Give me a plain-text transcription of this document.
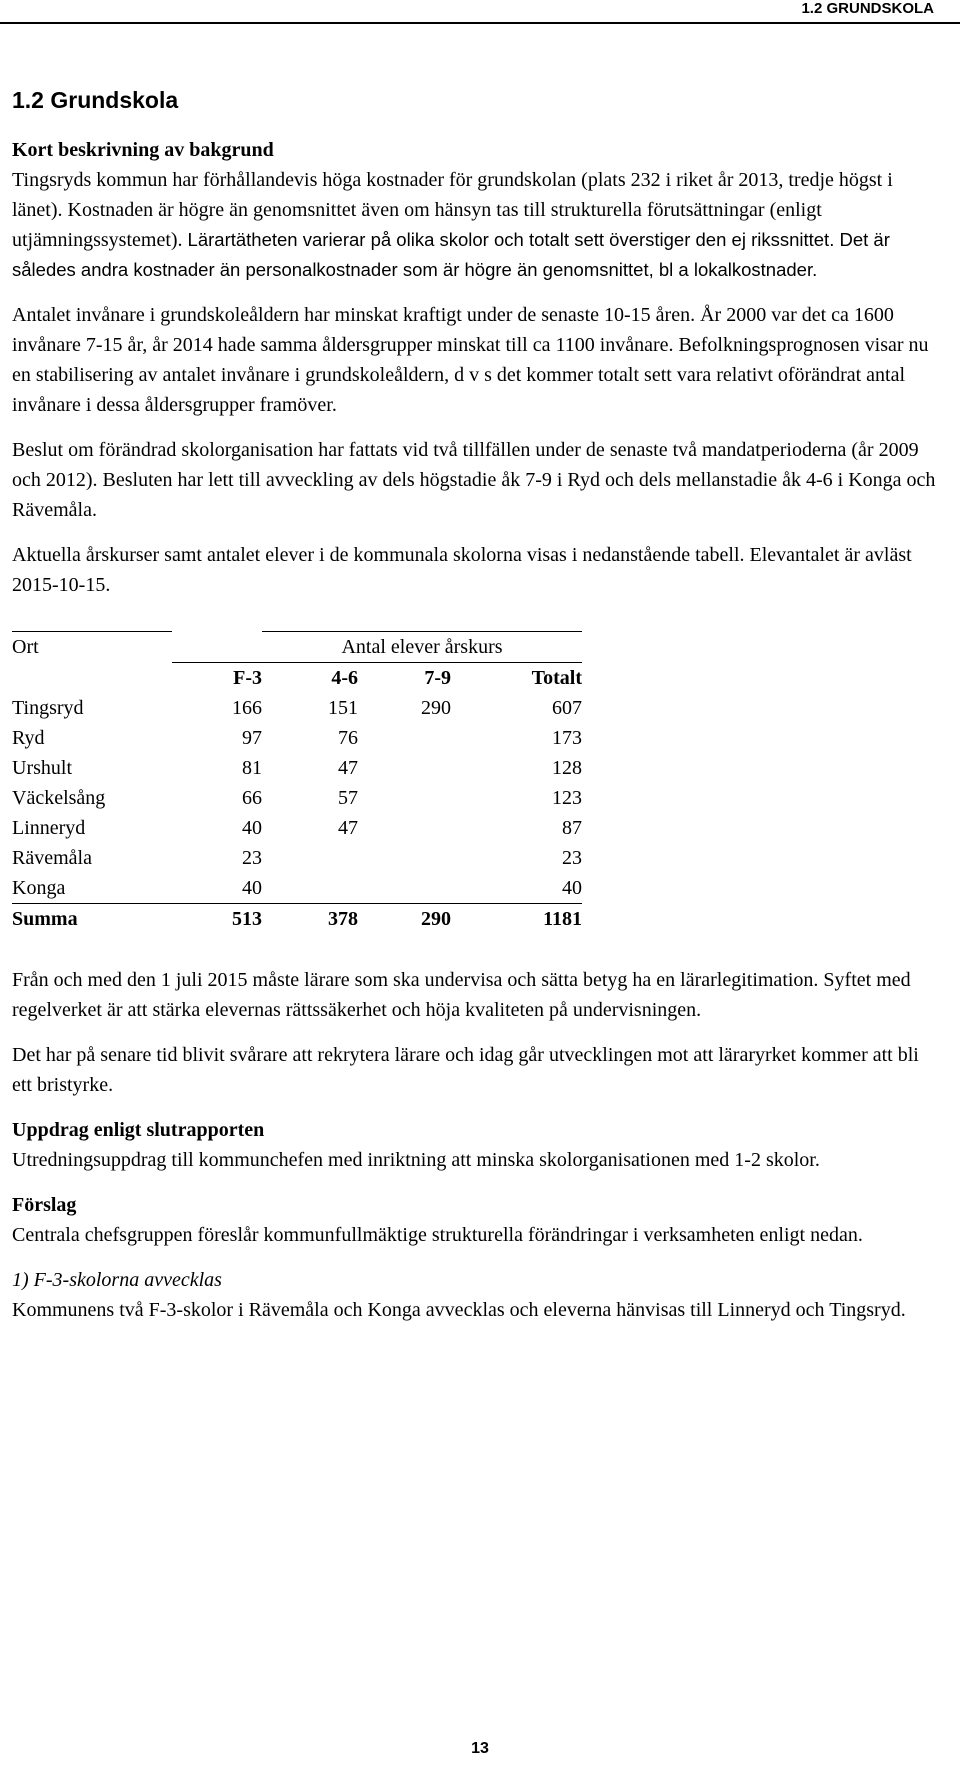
1.2 GRUNDSKOLA
1.2 Grundskola
Kort beskrivning av bakgrund

Tingsryds kommun har förhållandevis höga kostnader för grundskolan (plats 232 i riket år 2013, tredje högst i länet). Kostnaden är högre än genomsnittet även om hänsyn tas till strukturella förutsättningar (enligt utjämningssystemet). Lärartätheten varierar på olika skolor och totalt sett överstiger den ej rikssnittet. Det är således andra kostnader än personalkostnader som är högre än genomsnittet, bl a lokalkostnader.

Antalet invånare i grundskoleåldern har minskat kraftigt under de senaste 10-15 åren. År 2000 var det ca 1600 invånare 7-15 år, år 2014 hade samma åldersgrupper minskat till ca 1100 invånare. Befolkningsprognosen visar nu en stabilisering av antalet invånare i grundskoleåldern, d v s det kommer totalt sett vara relativt oförändrat antal invånare i dessa åldersgrupper framöver.

Beslut om förändrad skolorganisation har fattats vid två tillfällen under de senaste två mandatperioderna (år 2009 och 2012). Besluten har lett till avveckling av dels högstadie åk 7-9 i Ryd och dels mellanstadie åk 4-6 i Konga och Rävemåla.

Aktuella årskurser samt antalet elever i de kommunala skolorna visas i nedanstående tabell. Elevantalet är avläst 2015-10-15.

Ort		Antal elever årskurs		
	F-3	4-6	7-9	Totalt
Tingsryd	166	151	290	607
Ryd	97	76		173
Urshult	81	47		128
Väckelsång	66	57		123
Linneryd	40	47		87
Rävemåla	23			23
Konga	40			40
Summa	513	378	290	1181

Från och med den 1 juli 2015 måste lärare som ska undervisa och sätta betyg ha en lärarlegitimation. Syftet med regelverket är att stärka elevernas rättssäkerhet och höja kvaliteten på undervisningen.

Det har på senare tid blivit svårare att rekrytera lärare och idag går utvecklingen mot att läraryrket kommer att bli ett bristyrke.

Uppdrag enligt slutrapporten

Utredningsuppdrag till kommunchefen med inriktning att minska skolorganisationen med 1-2 skolor.

Förslag

Centrala chefsgruppen föreslår kommunfullmäktige strukturella förändringar i verksamheten enligt nedan.

1) F-3-skolorna avvecklas

Kommunens två F-3-skolor i Rävemåla och Konga avvecklas och eleverna hänvisas till Linneryd och Tingsryd.

13
